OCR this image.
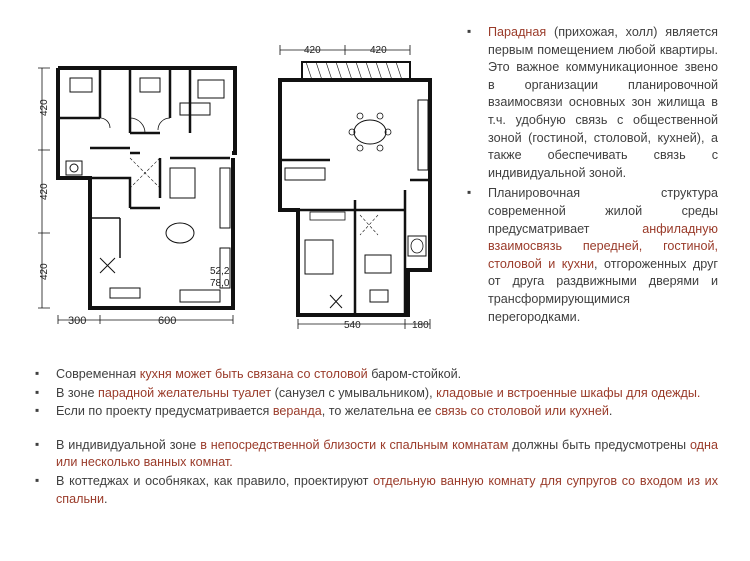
420
420
420
300	600
52,2
78,0
420	420
540	180
▪ Парадная (прихожая, холл) является первым помещением любой квартиры. Это важное коммуникационное звено в организации планировочной взаимосвязи основных зон жилища в т.ч. удобную связь с общественной зоной (гостиной, столовой, кухней), а также обеспечивать связь с индивидуальной зоной.
▪ Планировочная структура современной жилой среды предусматривает анфиладную взаимосвязь передней, гостиной, столовой и кухни, отгороженных друг от друга раздвижными дверями и трансформирующимися перегородками.
▪ Современная кухня может быть связана со столовой баром-стойкой.
▪ В зоне парадной желательны туалет (санузел с умывальником), кладовые и встроенные шкафы для одежды.
▪ Если по проекту предусматривается веранда, то желательна ее связь со столовой или кухней.
▪ В индивидуальной зоне в непосредственной близости к спальным комнатам должны быть предусмотрены одна или несколько ванных комнат.
▪ В коттеджах и особняках, как правило, проектируют отдельную ванную комнату для супругов со входом из их спальни.
